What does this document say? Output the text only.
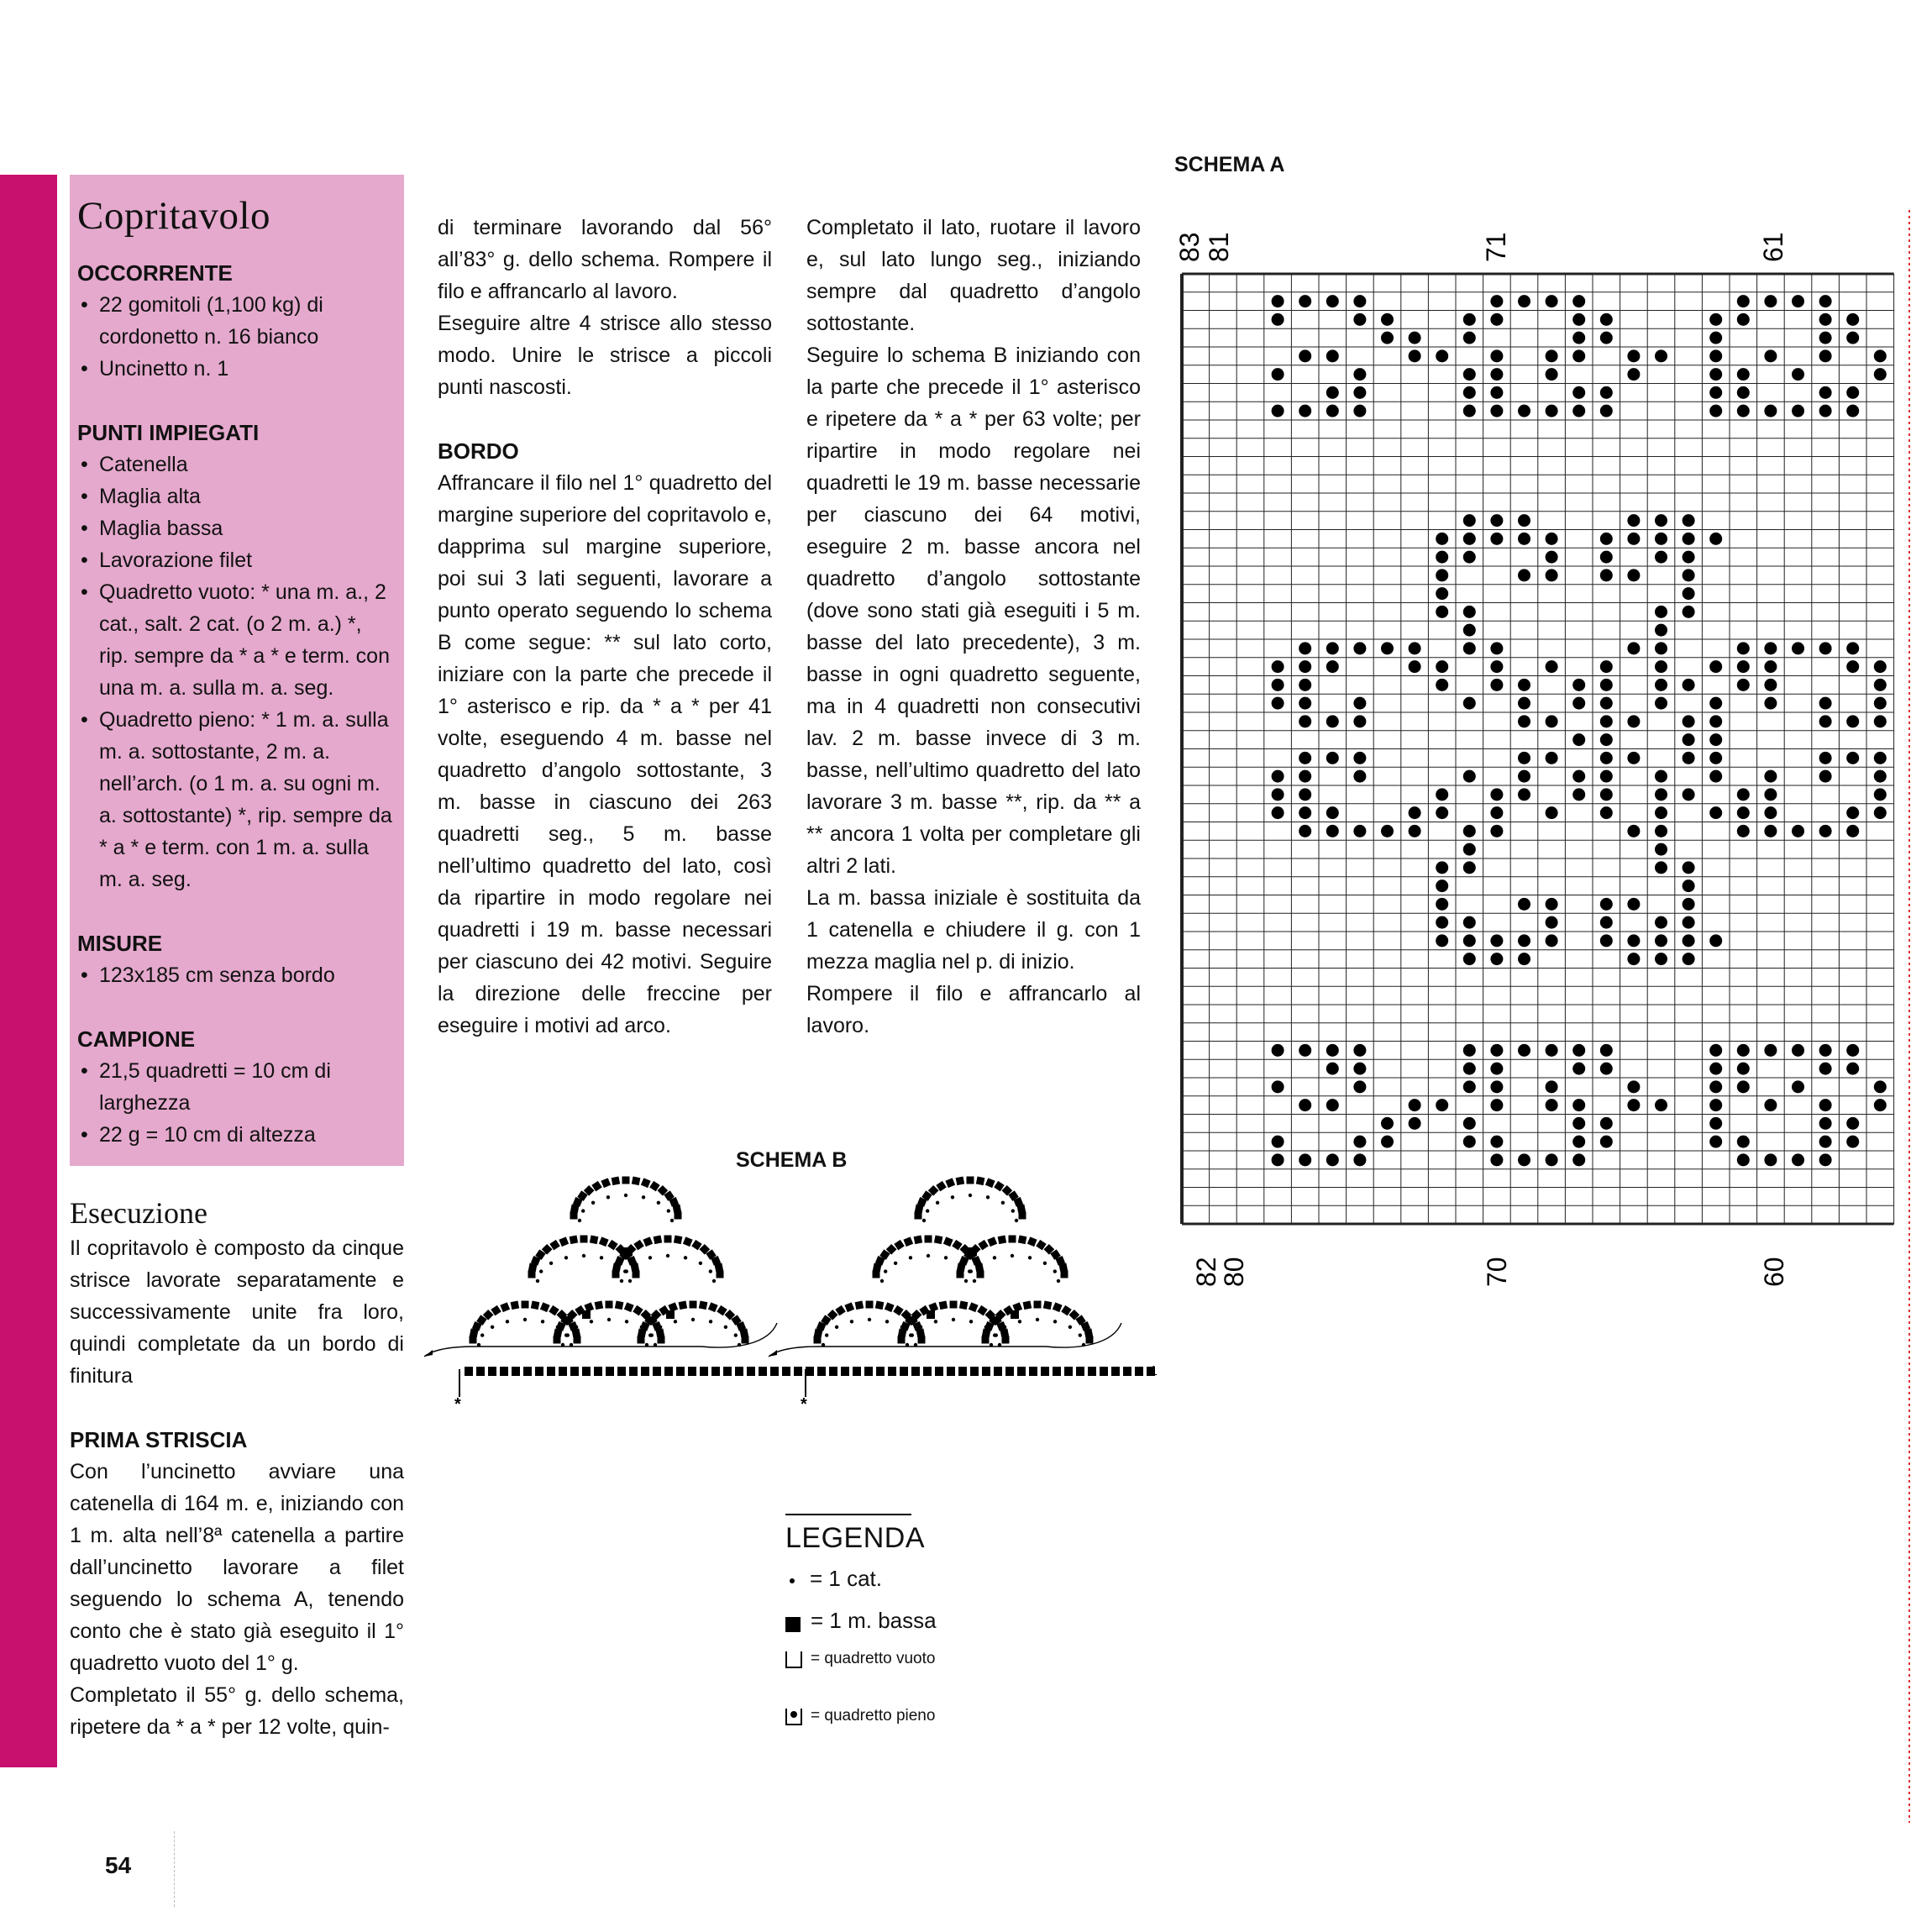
Copritavolo

OCCORRENTE

• 22 gomitoli (1,100 kg) di cordonetto n. 16 bianco
• Uncinetto n. 1

PUNTI IMPIEGATI

• Catenella
• Maglia alta
• Maglia bassa
• Lavorazione filet
• Quadretto vuoto: * una m. a., 2 cat., salt. 2 cat. (o 2 m. a.) *, rip. sempre da * a * e term. con una m. a. sulla m. a. seg.
• Quadretto pieno: * 1 m. a. sulla m. a. sottostante, 2 m. a. nell’arch. (o 1 m. a. su ogni m. a. sottostante) *, rip. sempre da * a * e term. con 1 m. a. sulla m. a. seg.

MISURE

• 123x185 cm senza bordo

CAMPIONE

• 21,5 quadretti = 10 cm di larghezza
• 22 g = 10 cm di altezza
Esecuzione

Il copritavolo è composto da cinque strisce lavorate separatamente e successivamente unite fra loro, quindi completate da un bordo di finitura

PRIMA STRISCIA

Con l’uncinetto avviare una catenella di 164 m. e, iniziando con 1 m. alta nell’8ª catenella a partire dall’uncinetto lavorare a filet seguendo lo schema A, tenendo conto che è stato già eseguito il 1° quadretto vuoto del 1° g.

Completato il 55° g. dello schema, ripetere da * a * per 12 volte, quin-

di terminare lavorando dal 56° all’83° g. dello schema. Rompere il filo e affrancarlo al lavoro.

Eseguire altre 4 strisce allo stesso modo. Unire le strisce a piccoli punti nascosti.

BORDO

Affrancare il filo nel 1° quadretto del margine superiore del copritavolo e, dapprima sul margine superiore, poi sui 3 lati seguenti, lavorare a punto operato seguendo lo schema B come segue: ** sul lato corto, iniziare con la parte che precede il 1° asterisco e rip. da * a * per 41 volte, eseguendo 4 m. basse nel quadretto d’angolo sottostante, 3 m. basse in ciascuno dei 263 quadretti seg., 5 m. basse nell’ultimo quadretto del lato, così da ripartire in modo regolare nei quadretti i 19 m. basse necessari per ciascuno dei 42 motivi. Seguire la direzione delle freccine per eseguire i motivi ad arco.

Completato il lato, ruotare il lavoro e, sul lato lungo seg., iniziando sempre dal quadretto d’angolo sottostante.

Seguire lo schema B iniziando con la parte che precede il 1° asterisco e ripetere da * a * per 63 volte; per ripartire in modo regolare nei quadretti le 19 m. basse necessarie per ciascuno dei 64 motivi, eseguire 2 m. basse ancora nel quadretto d’angolo sottostante (dove sono stati già eseguiti i 5 m. basse del lato precedente), 3 m. basse in ogni quadretto seguente, ma in 4 quadretti non consecutivi lav. 2 m. basse invece di 3 m. basse, nell’ultimo quadretto del lato lavorare 3 m. basse **, rip. da ** a ** ancora 1 volta per completare gli altri 2 lati.

La m. bassa iniziale è sostituita da 1 catenella e chiudere il g. con 1 mezza maglia nel p. di inizio.

Rompere il filo e affrancarlo al lavoro.

SCHEMA A
83 81	71	61
82
80	70	60
SCHEMA B
1
*	*
LEGENDA
= 1 cat.
= 1 m. bassa
= quadretto vuoto
= quadretto pieno
54
